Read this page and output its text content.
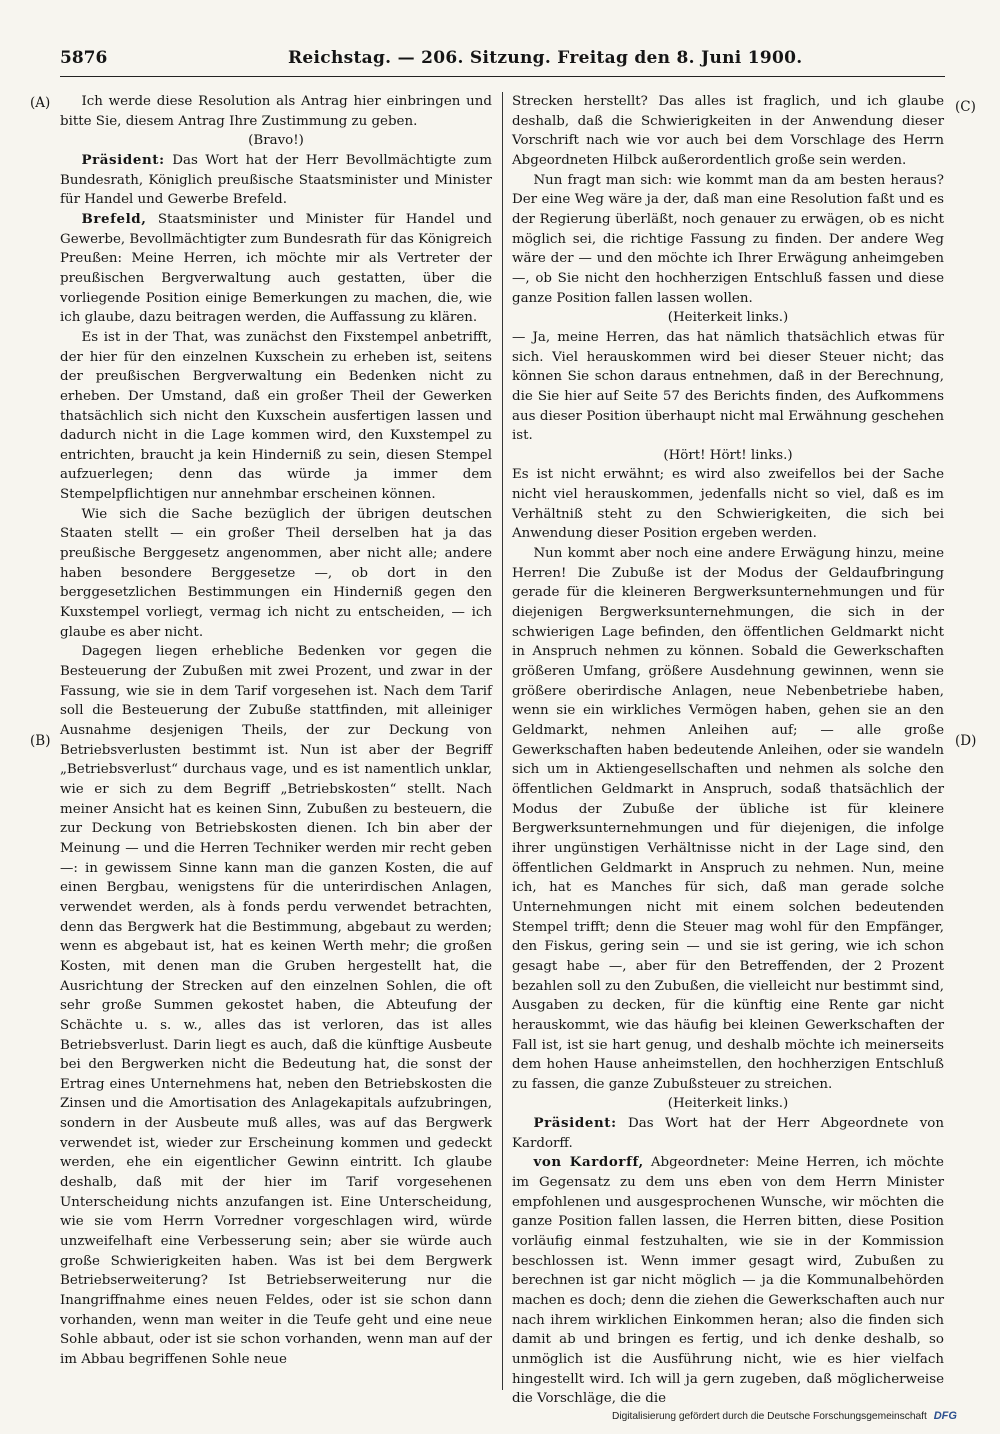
5876	Reichstag. — 206. Sitzung. Freitag den 8. Juni 1900.
(A)
(B)
(C)
(D)

Ich werde diese Resolution als Antrag hier einbringen und bitte Sie, diesem Antrag Ihre Zustimmung zu geben.

(Bravo!)

Präsident: Das Wort hat der Herr Bevollmächtigte zum Bundesrath, Königlich preußische Staatsminister und Minister für Handel und Gewerbe Brefeld.

Brefeld, Staatsminister und Minister für Handel und Gewerbe, Bevollmächtigter zum Bundesrath für das Königreich Preußen: Meine Herren, ich möchte mir als Vertreter der preußischen Bergverwaltung auch gestatten, über die vorliegende Position einige Bemerkungen zu machen, die, wie ich glaube, dazu beitragen werden, die Auffassung zu klären.

Es ist in der That, was zunächst den Fixstempel anbetrifft, der hier für den einzelnen Kuxschein zu erheben ist, seitens der preußischen Bergverwaltung ein Bedenken nicht zu erheben. Der Umstand, daß ein großer Theil der Gewerken thatsächlich sich nicht den Kuxschein ausfertigen lassen und dadurch nicht in die Lage kommen wird, den Kuxstempel zu entrichten, braucht ja kein Hinderniß zu sein, diesen Stempel aufzuerlegen; denn das würde ja immer dem Stempelpflichtigen nur annehmbar erscheinen können.

Wie sich die Sache bezüglich der übrigen deutschen Staaten stellt — ein großer Theil derselben hat ja das preußische Berggesetz angenommen, aber nicht alle; andere haben besondere Berggesetze —, ob dort in den berggesetzlichen Bestimmungen ein Hinderniß gegen den Kuxstempel vorliegt, vermag ich nicht zu entscheiden, — ich glaube es aber nicht.

Dagegen liegen erhebliche Bedenken vor gegen die Besteuerung der Zubußen mit zwei Prozent, und zwar in der Fassung, wie sie in dem Tarif vorgesehen ist. Nach dem Tarif soll die Besteuerung der Zubuße stattfinden, mit alleiniger Ausnahme desjenigen Theils, der zur Deckung von Betriebsverlusten bestimmt ist. Nun ist aber der Begriff „Betriebsverlust“ durchaus vage, und es ist namentlich unklar, wie er sich zu dem Begriff „Betriebskosten“ stellt. Nach meiner Ansicht hat es keinen Sinn, Zubußen zu besteuern, die zur Deckung von Betriebskosten dienen. Ich bin aber der Meinung — und die Herren Techniker werden mir recht geben —: in gewissem Sinne kann man die ganzen Kosten, die auf einen Bergbau, wenigstens für die unterirdischen Anlagen, verwendet werden, als à fonds perdu verwendet betrachten, denn das Bergwerk hat die Bestimmung, abgebaut zu werden; wenn es abgebaut ist, hat es keinen Werth mehr; die großen Kosten, mit denen man die Gruben hergestellt hat, die Ausrichtung der Strecken auf den einzelnen Sohlen, die oft sehr große Summen gekostet haben, die Abteufung der Schächte u. s. w., alles das ist verloren, das ist alles Betriebsverlust. Darin liegt es auch, daß die künftige Ausbeute bei den Bergwerken nicht die Bedeutung hat, die sonst der Ertrag eines Unternehmens hat, neben den Betriebskosten die Zinsen und die Amortisation des Anlagekapitals aufzubringen, sondern in der Ausbeute muß alles, was auf das Bergwerk verwendet ist, wieder zur Erscheinung kommen und gedeckt werden, ehe ein eigentlicher Gewinn eintritt. Ich glaube deshalb, daß mit der hier im Tarif vorgesehenen Unterscheidung nichts anzufangen ist. Eine Unterscheidung, wie sie vom Herrn Vorredner vorgeschlagen wird, würde unzweifelhaft eine Verbesserung sein; aber sie würde auch große Schwierigkeiten haben. Was ist bei dem Bergwerk Betriebserweiterung? Ist Betriebserweiterung nur die Inangriffnahme eines neuen Feldes, oder ist sie schon dann vorhanden, wenn man weiter in die Teufe geht und eine neue Sohle abbaut, oder ist sie schon vorhanden, wenn man auf der im Abbau begriffenen Sohle neue

Strecken herstellt? Das alles ist fraglich, und ich glaube deshalb, daß die Schwierigkeiten in der Anwendung dieser Vorschrift nach wie vor auch bei dem Vorschlage des Herrn Abgeordneten Hilbck außerordentlich große sein werden.

Nun fragt man sich: wie kommt man da am besten heraus? Der eine Weg wäre ja der, daß man eine Resolution faßt und es der Regierung überläßt, noch genauer zu erwägen, ob es nicht möglich sei, die richtige Fassung zu finden. Der andere Weg wäre der — und den möchte ich Ihrer Erwägung anheimgeben —, ob Sie nicht den hochherzigen Entschluß fassen und diese ganze Position fallen lassen wollen.

(Heiterkeit links.)

— Ja, meine Herren, das hat nämlich thatsächlich etwas für sich. Viel herauskommen wird bei dieser Steuer nicht; das können Sie schon daraus entnehmen, daß in der Berechnung, die Sie hier auf Seite 57 des Berichts finden, des Aufkommens aus dieser Position überhaupt nicht mal Erwähnung geschehen ist.

(Hört! Hört! links.)

Es ist nicht erwähnt; es wird also zweifellos bei der Sache nicht viel herauskommen, jedenfalls nicht so viel, daß es im Verhältniß steht zu den Schwierigkeiten, die sich bei Anwendung dieser Position ergeben werden.

Nun kommt aber noch eine andere Erwägung hinzu, meine Herren! Die Zubuße ist der Modus der Geldaufbringung gerade für die kleineren Bergwerksunternehmungen und für diejenigen Bergwerksunternehmungen, die sich in der schwierigen Lage befinden, den öffentlichen Geldmarkt nicht in Anspruch nehmen zu können. Sobald die Gewerkschaften größeren Umfang, größere Ausdehnung gewinnen, wenn sie größere oberirdische Anlagen, neue Nebenbetriebe haben, wenn sie ein wirkliches Vermögen haben, gehen sie an den Geldmarkt, nehmen Anleihen auf; — alle große Gewerkschaften haben bedeutende Anleihen, oder sie wandeln sich um in Aktiengesellschaften und nehmen als solche den öffentlichen Geldmarkt in Anspruch, sodaß thatsächlich der Modus der Zubuße der übliche ist für kleinere Bergwerksunternehmungen und für diejenigen, die infolge ihrer ungünstigen Verhältnisse nicht in der Lage sind, den öffentlichen Geldmarkt in Anspruch zu nehmen. Nun, meine ich, hat es Manches für sich, daß man gerade solche Unternehmungen nicht mit einem solchen bedeutenden Stempel trifft; denn die Steuer mag wohl für den Empfänger, den Fiskus, gering sein — und sie ist gering, wie ich schon gesagt habe —, aber für den Betreffenden, der 2 Prozent bezahlen soll zu den Zubußen, die vielleicht nur bestimmt sind, Ausgaben zu decken, für die künftig eine Rente gar nicht herauskommt, wie das häufig bei kleinen Gewerkschaften der Fall ist, ist sie hart genug, und deshalb möchte ich meinerseits dem hohen Hause anheimstellen, den hochherzigen Entschluß zu fassen, die ganze Zubußsteuer zu streichen.

(Heiterkeit links.)

Präsident: Das Wort hat der Herr Abgeordnete von Kardorff.

von Kardorff, Abgeordneter: Meine Herren, ich möchte im Gegensatz zu dem uns eben von dem Herrn Minister empfohlenen und ausgesprochenen Wunsche, wir möchten die ganze Position fallen lassen, die Herren bitten, diese Position vorläufig einmal festzuhalten, wie sie in der Kommission beschlossen ist. Wenn immer gesagt wird, Zubußen zu berechnen ist gar nicht möglich — ja die Kommunalbehörden machen es doch; denn die ziehen die Gewerkschaften auch nur nach ihrem wirklichen Einkommen heran; also die finden sich damit ab und bringen es fertig, und ich denke deshalb, so unmöglich ist die Ausführung nicht, wie es hier vielfach hingestellt wird. Ich will ja gern zugeben, daß möglicherweise die Vorschläge, die die

Digitalisierung gefördert durch die Deutsche Forschungsgemeinschaft DFG
